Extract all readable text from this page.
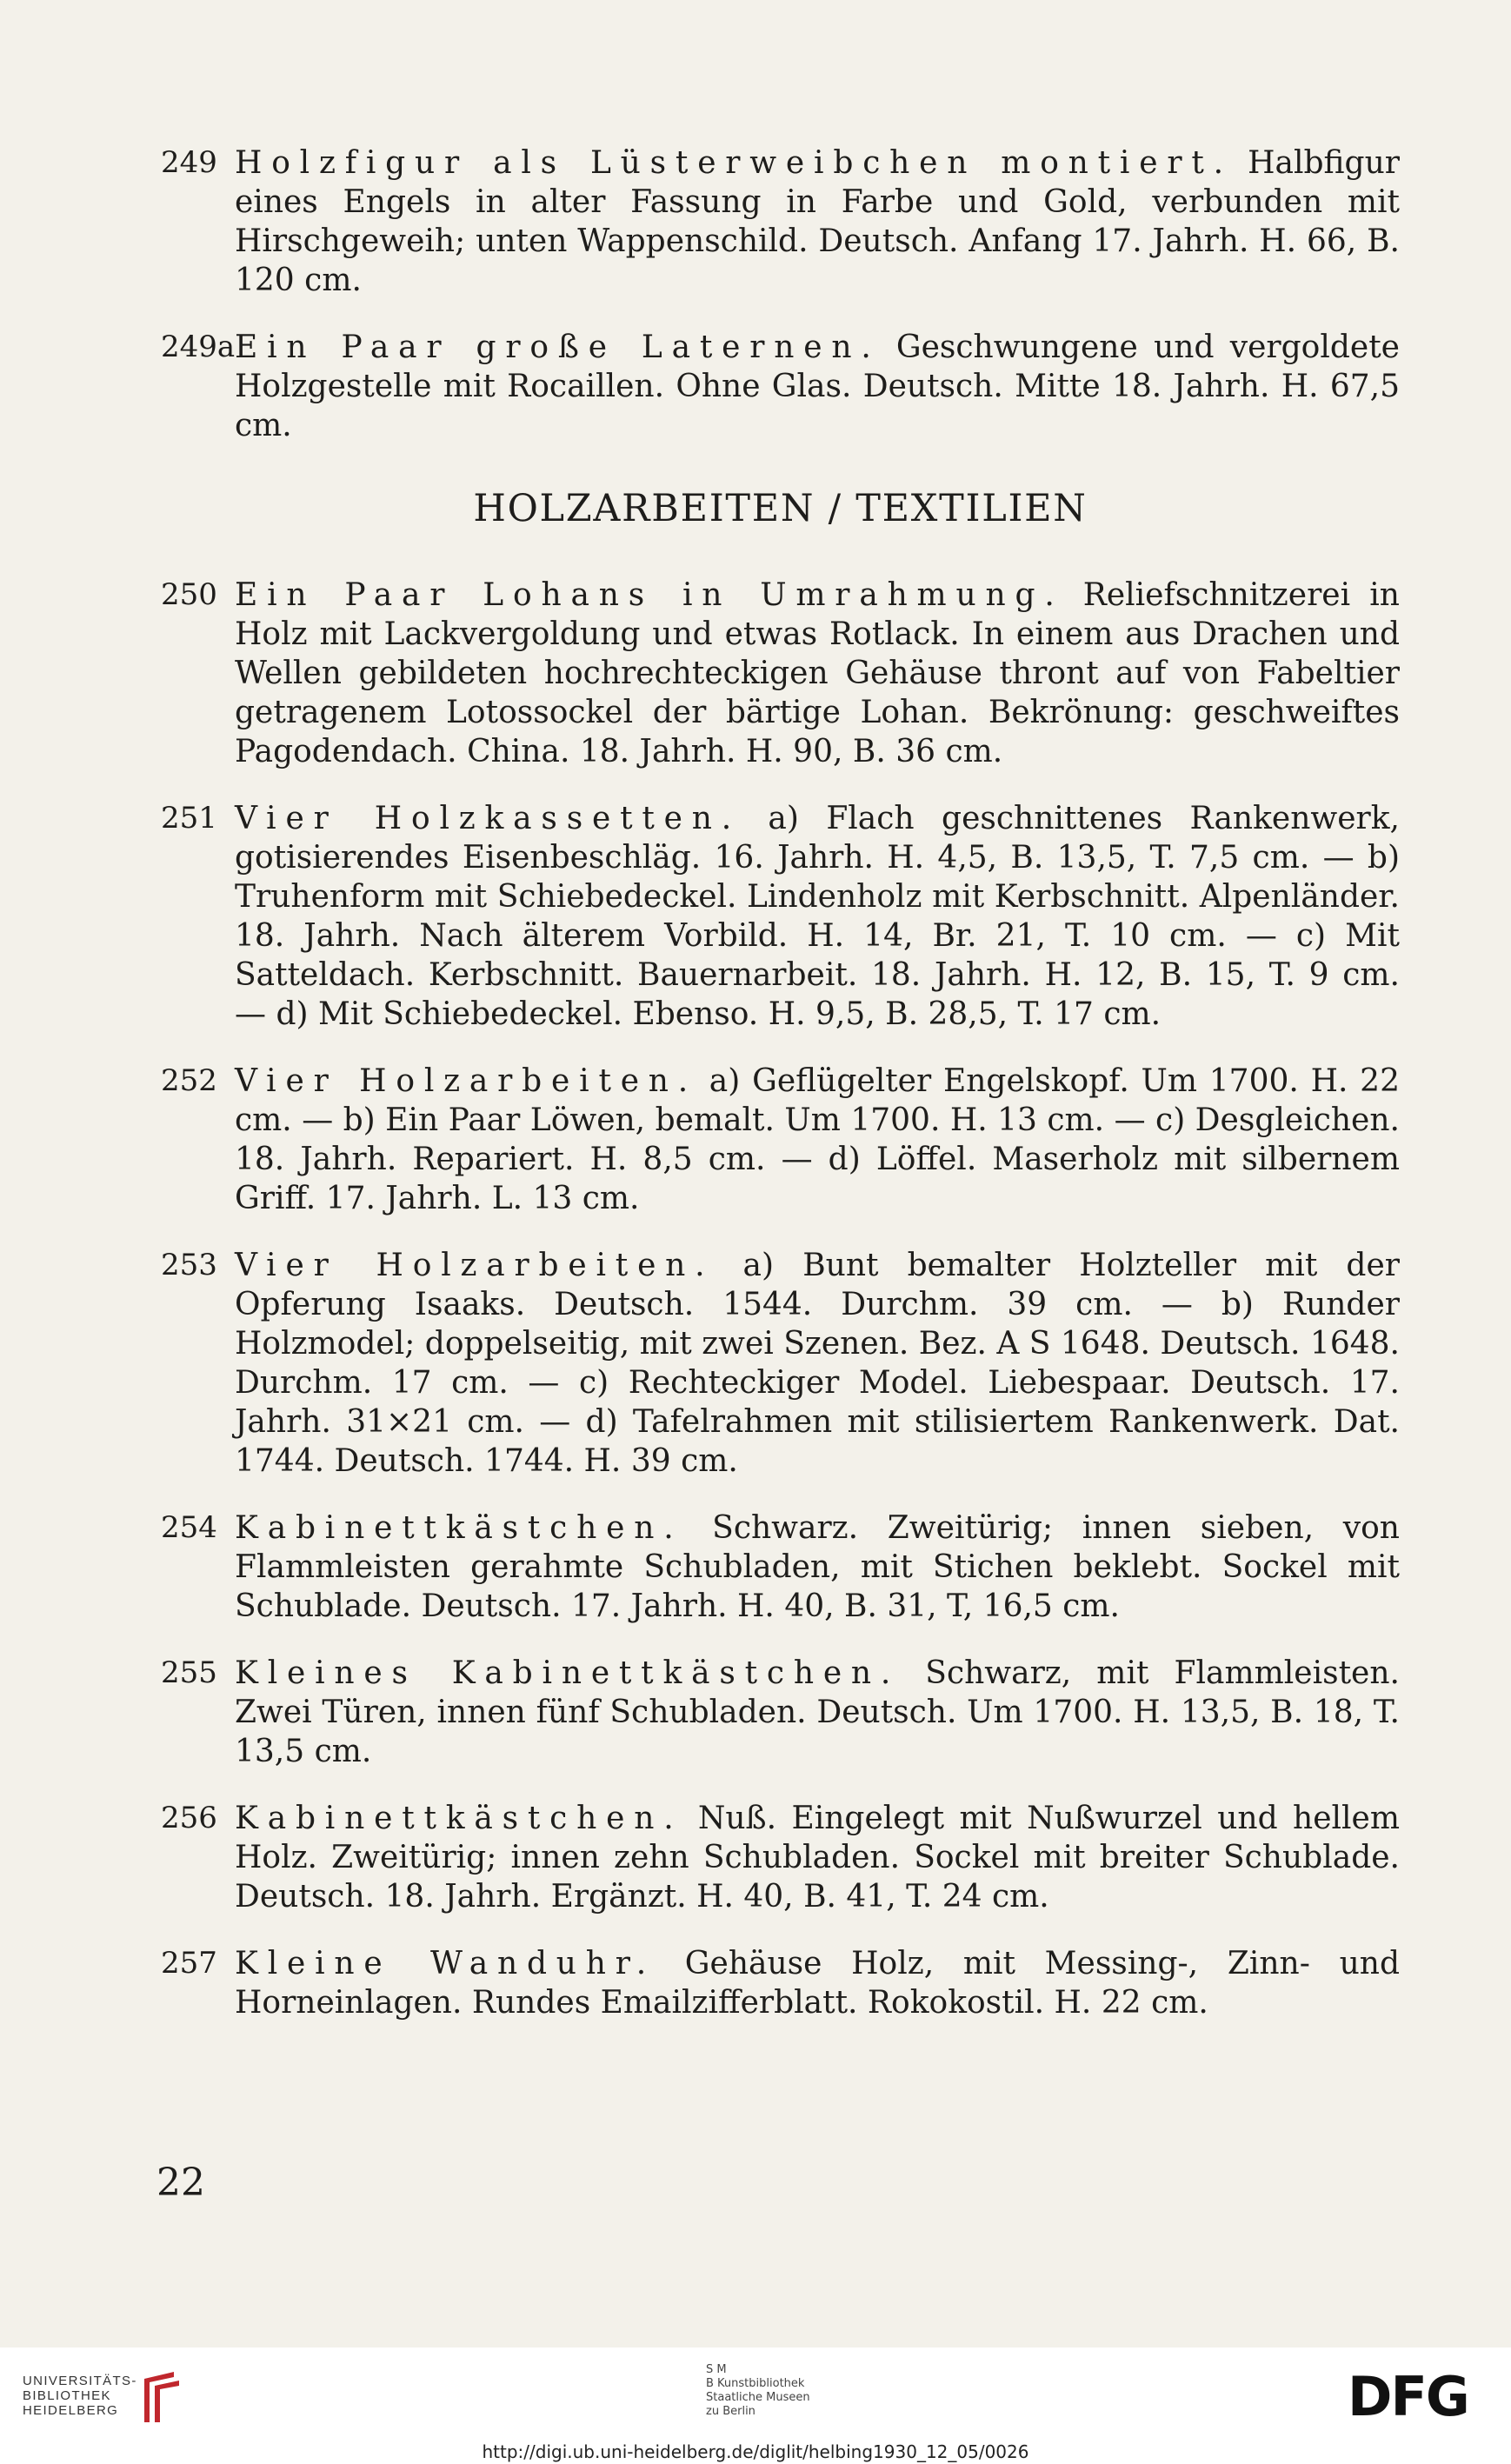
249 Holzfigur als Lüsterweibchen montiert. Halbfigur eines Engels in alter Fassung in Farbe und Gold, verbunden mit Hirschgeweih; unten Wappenschild. Deutsch. Anfang 17. Jahrh. H. 66, B. 120 cm.
249a Ein Paar große Laternen. Geschwungene und vergoldete Holzgestelle mit Rocaillen. Ohne Glas. Deutsch. Mitte 18. Jahrh. H. 67,5 cm.
HOLZARBEITEN / TEXTILIEN
250 Ein Paar Lohans in Umrahmung. Reliefschnitzerei in Holz mit Lackvergoldung und etwas Rotlack. In einem aus Drachen und Wellen gebildeten hochrechteckigen Gehäuse thront auf von Fabeltier getragenem Lotossockel der bärtige Lohan. Bekrönung: geschweiftes Pagodendach. China. 18. Jahrh. H. 90, B. 36 cm.
251 Vier Holzkassetten. a) Flach geschnittenes Rankenwerk, gotisierendes Eisenbeschläg. 16. Jahrh. H. 4,5, B. 13,5, T. 7,5 cm. — b) Truhenform mit Schiebedeckel. Lindenholz mit Kerbschnitt. Alpenländer. 18. Jahrh. Nach älterem Vorbild. H. 14, Br. 21, T. 10 cm. — c) Mit Satteldach. Kerbschnitt. Bauernarbeit. 18. Jahrh. H. 12, B. 15, T. 9 cm. — d) Mit Schiebedeckel. Ebenso. H. 9,5, B. 28,5, T. 17 cm.
252 Vier Holzarbeiten. a) Geflügelter Engelskopf. Um 1700. H. 22 cm. — b) Ein Paar Löwen, bemalt. Um 1700. H. 13 cm. — c) Desgleichen. 18. Jahrh. Repariert. H. 8,5 cm. — d) Löffel. Maserholz mit silbernem Griff. 17. Jahrh. L. 13 cm.
253 Vier Holzarbeiten. a) Bunt bemalter Holzteller mit der Opferung Isaaks. Deutsch. 1544. Durchm. 39 cm. — b) Runder Holzmodel; doppelseitig, mit zwei Szenen. Bez. A S 1648. Deutsch. 1648. Durchm. 17 cm. — c) Rechteckiger Model. Liebespaar. Deutsch. 17. Jahrh. 31×21 cm. — d) Tafelrahmen mit stilisiertem Rankenwerk. Dat. 1744. Deutsch. 1744. H. 39 cm.
254 Kabinettkästchen. Schwarz. Zweitürig; innen sieben, von Flammleisten gerahmte Schubladen, mit Stichen beklebt. Sockel mit Schublade. Deutsch. 17. Jahrh. H. 40, B. 31, T, 16,5 cm.
255 Kleines Kabinettkästchen. Schwarz, mit Flammleisten. Zwei Türen, innen fünf Schubladen. Deutsch. Um 1700. H. 13,5, B. 18, T. 13,5 cm.
256 Kabinettkästchen. Nuß. Eingelegt mit Nußwurzel und hellem Holz. Zweitürig; innen zehn Schubladen. Sockel mit breiter Schublade. Deutsch. 18. Jahrh. Ergänzt. H. 40, B. 41, T. 24 cm.
257 Kleine Wanduhr. Gehäuse Holz, mit Messing-, Zinn- und Horneinlagen. Rundes Emailzifferblatt. Rokokostil. H. 22 cm.
22
UNIVERSITÄTS-
BIBLIOTHEK
HEIDELBERG
S M
B Kunstbibliothek
Staatliche Museen
zu Berlin	DFG
http://digi.ub.uni-heidelberg.de/diglit/helbing1930_12_05/0026
